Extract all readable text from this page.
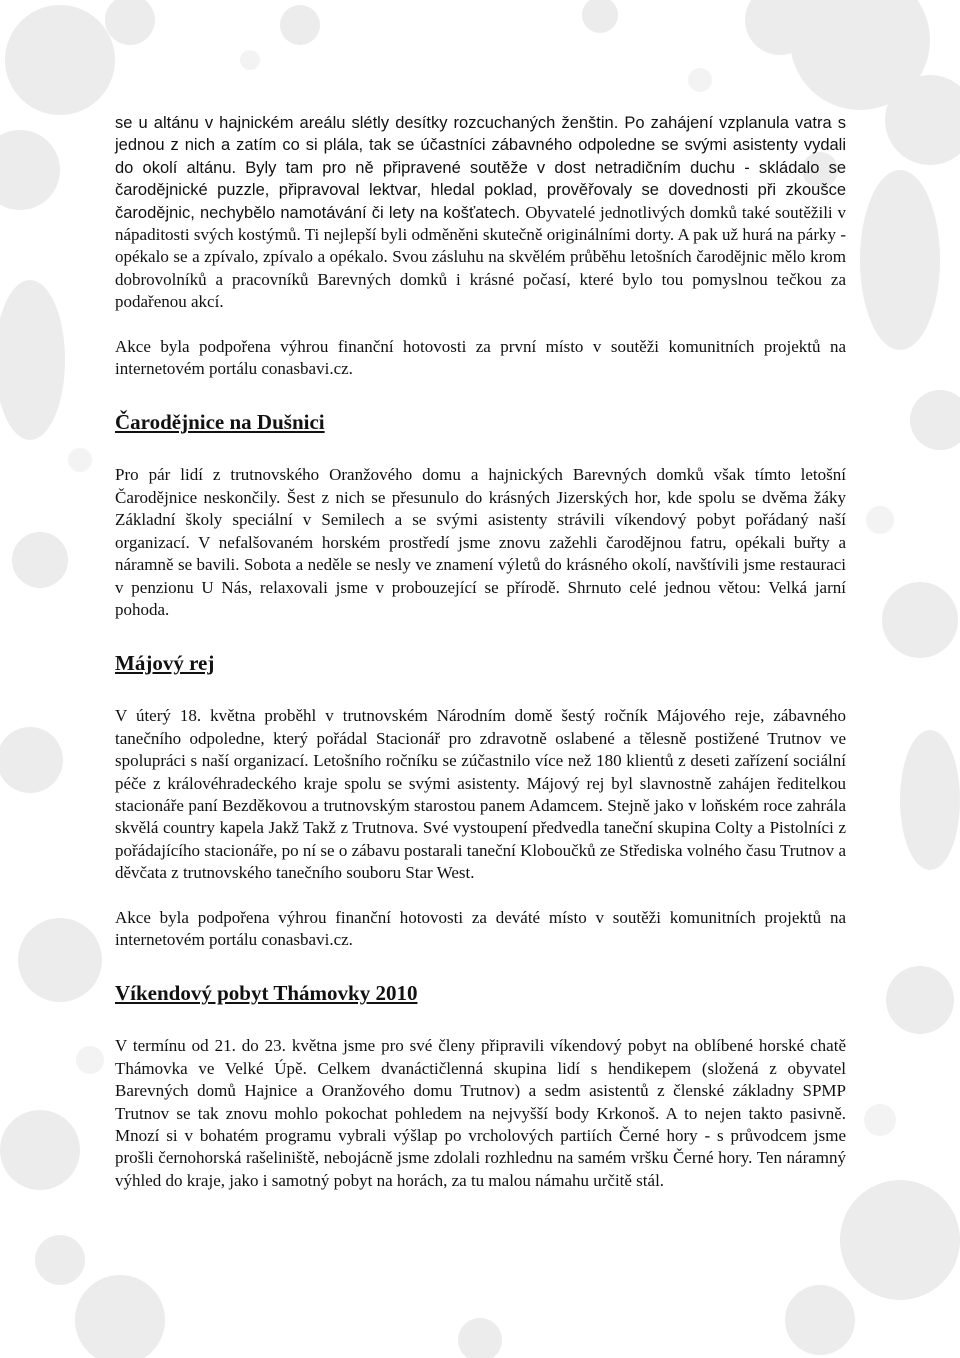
se u altánu v hajnickém areálu slétly desítky rozcuchaných ženštin. Po zahájení vzplanula vatra s jednou z nich a zatím co si plála, tak se účastníci zábavného odpoledne se svými asistenty vydali do okolí altánu. Byly tam pro ně připravené soutěže v dost netradičním duchu - skládalo se čarodějnické puzzle, připravoval lektvar, hledal poklad, prověřovaly se dovednosti při zkoušce čarodějnic, nechybělo namotávání či lety na košťatech. Obyvatelé jednotlivých domků také soutěžili v nápaditosti svých kostýmů. Ti nejlepší byli odměněni skutečně originálními dorty. A pak už hurá na párky - opékalo se a zpívalo, zpívalo a opékalo. Svou zásluhu na skvělém průběhu letošních čarodějnic mělo krom dobrovolníků a pracovníků Barevných domků i krásné počasí, které bylo tou pomyslnou tečkou za podařenou akcí.

Akce byla podpořena výhrou finanční hotovosti za první místo v soutěži komunitních projektů na internetovém portálu conasbavi.cz.

Čarodějnice na Dušnici

Pro pár lidí z trutnovského Oranžového domu a hajnických Barevných domků však tímto letošní Čarodějnice neskončily. Šest z nich se přesunulo do krásných Jizerských hor, kde spolu se dvěma žáky Základní školy speciální v Semilech a se svými asistenty strávili víkendový pobyt pořádaný naší organizací. V nefalšovaném horském prostředí jsme znovu zažehli čarodějnou fatru, opékali buřty a náramně se bavili. Sobota a neděle se nesly ve znamení výletů do krásného okolí, navštívili jsme restauraci v penzionu U Nás, relaxovali jsme v probouzející se přírodě. Shrnuto celé jednou větou: Velká jarní pohoda.

Májový rej

V úterý 18. května proběhl v trutnovském Národním domě šestý ročník Májového reje, zábavného tanečního odpoledne, který pořádal Stacionář pro zdravotně oslabené a tělesně postižené Trutnov ve spolupráci s naší organizací. Letošního ročníku se zúčastnilo více než 180 klientů z deseti zařízení sociální péče z královéhradeckého kraje spolu se svými asistenty. Májový rej byl slavnostně zahájen ředitelkou stacionáře paní Bezděkovou a trutnovským starostou panem Adamcem. Stejně jako v loňském roce zahrála skvělá country kapela Jakž Takž z Trutnova. Své vystoupení předvedla taneční skupina Colty a Pistolníci z pořádajícího stacionáře, po ní se o zábavu postarali taneční Kloboučků ze Střediska volného času Trutnov a děvčata z trutnovského tanečního souboru Star West.

Akce byla podpořena výhrou finanční hotovosti za deváté místo v soutěži komunitních projektů na internetovém portálu conasbavi.cz.

Víkendový pobyt Thámovky 2010

V termínu od 21. do 23. května jsme pro své členy připravili víkendový pobyt na oblíbené horské chatě Thámovka ve Velké Úpě. Celkem dvanáctičlenná skupina lidí s hendikepem (složená z obyvatel Barevných domů Hajnice a Oranžového domu Trutnov) a sedm asistentů z členské základny SPMP Trutnov se tak znovu mohlo pokochat pohledem na nejvyšší body Krkonoš. A to nejen takto pasivně. Mnozí si v bohatém programu vybrali výšlap po vrcholových partiích Černé hory - s průvodcem jsme prošli černohorská rašeliniště, nebojácně jsme zdolali rozhlednu na samém vršku Černé hory. Ten náramný výhled do kraje, jako i samotný pobyt na horách, za tu malou námahu určitě stál.
